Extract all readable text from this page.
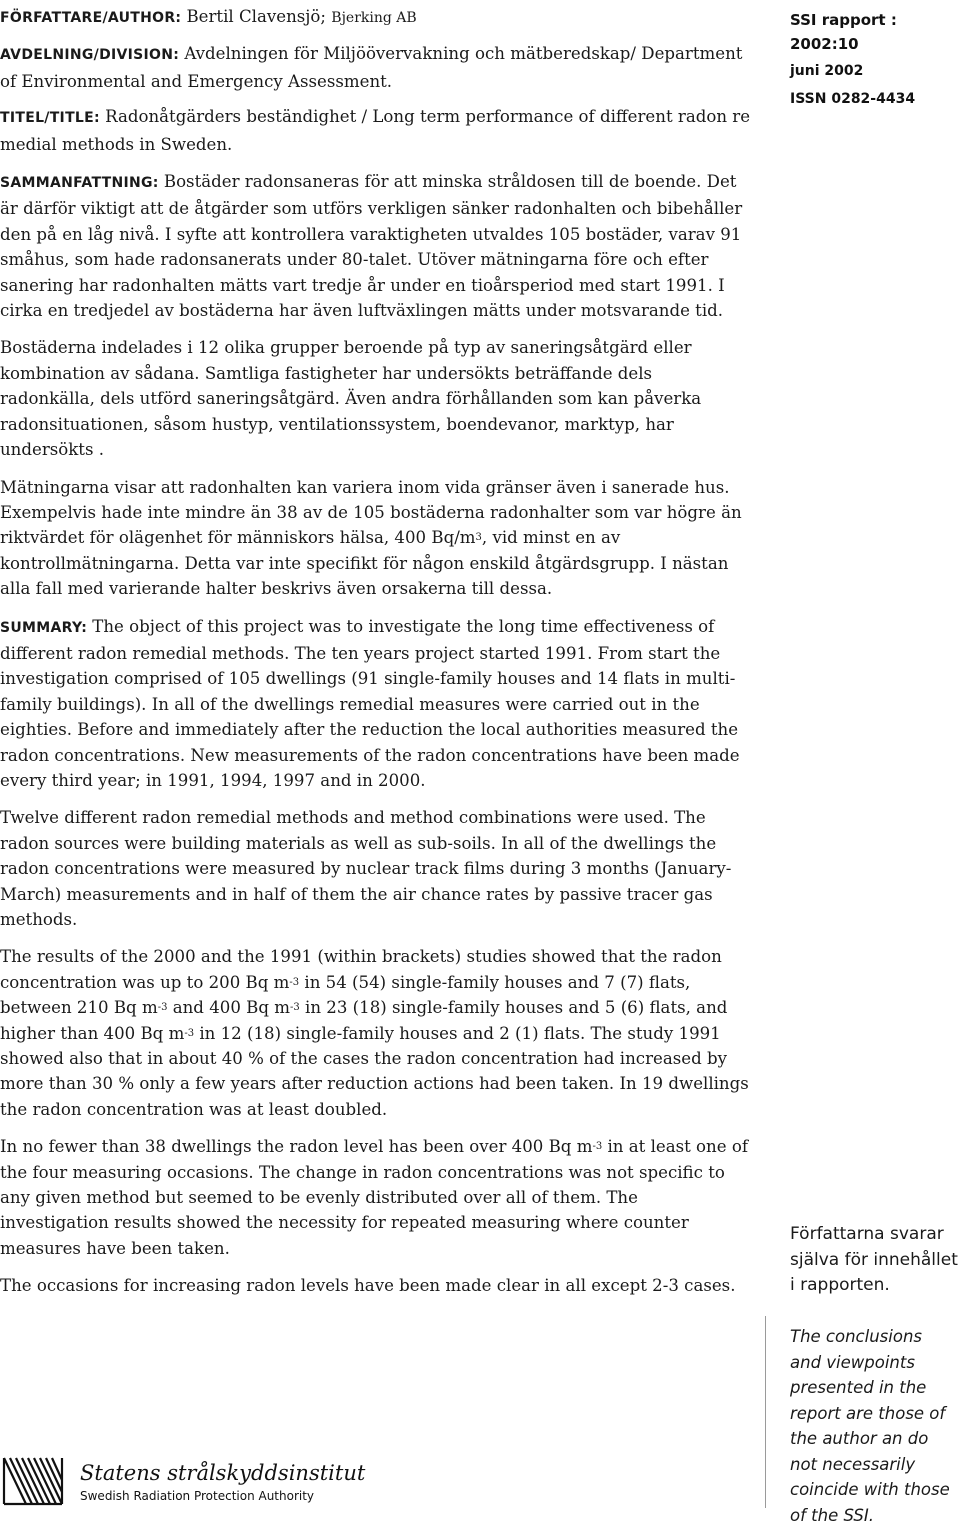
FÖRFATTARE/AUTHOR: Bertil Clavensjö; Bjerking AB

AVDELNING/DIVISION: Avdelningen för Miljöövervakning och mätberedskap/ Department of Environmental and Emergency Assessment.

TITEL/TITLE: Radonåtgärders beständighet / Long term performance of different radon re medial methods in Sweden.

SAMMANFATTNING: Bostäder radonsaneras för att minska stråldosen till de boende. Det är därför viktigt att de åtgärder som utförs verkligen sänker radonhalten och bibehåller den på en låg nivå. I syfte att kontrollera varaktigheten utvaldes 105 bostäder, varav 91 småhus, som hade radonsanerats under 80-talet. Utöver mätningarna före och efter sanering har radonhalten mätts vart tredje år under en tioårsperiod med start 1991. I cirka en tredjedel av bostäderna har även luftväxlingen mätts under motsvarande tid.

Bostäderna indelades i 12 olika grupper beroende på typ av saneringsåtgärd eller kombination av sådana. Samtliga fastigheter har undersökts beträffande dels radonkälla, dels utförd saneringsåtgärd. Även andra förhållanden som kan påverka radonsituationen, såsom hustyp, ventilationssystem, boendevanor, marktyp, har undersökts .

Mätningarna visar att radonhalten kan variera inom vida gränser även i sanerade hus. Exempelvis hade inte mindre än 38 av de 105 bostäderna radonhalter som var högre än riktvärdet för olägenhet för människors hälsa, 400 $Bq/m^3$, vid minst en av kontrollmätningarna. Detta var inte specifikt för någon enskild åtgärdsgrupp. I nästan alla fall med varierande halter beskrivs även orsakerna till dessa.

SUMMARY: The object of this project was to investigate the long time effectiveness of different radon remedial methods. The ten years project started 1991. From start the investigation comprised of 105 dwellings (91 single-family houses and 14 flats in multi-family buildings). In all of the dwellings remedial measures were carried out in the eighties. Before and immediately after the reduction the local authorities measured the radon concentrations. New measurements of the radon concentrations have been made every third year; in 1991, 1994, 1997 and in 2000.

Twelve different radon remedial methods and method combinations were used. The radon sources were building materials as well as sub-soils. In all of the dwellings the radon concentrations were measured by nuclear track films during 3 months (January-March) measurements and in half of them the air chance rates by passive tracer gas methods.

The results of the 2000 and the 1991 (within brackets) studies showed that the radon concentration was up to 200 Bq $m^{-3}$ in 54 (54) single-family houses and 7 (7) flats, between 210 Bq $m^{-3}$ and 400 Bq $m^{-3}$ in 23 (18) single-family houses and 5 (6) flats, and higher than 400 Bq $m^{-3}$ in 12 (18) single-family houses and 2 (1) flats. The study 1991 showed also that in about 40 % of the cases the radon concentration had increased by more than 30 % only a few years after reduction actions had been taken. In 19 dwellings the radon concentration was at least doubled.

In no fewer than 38 dwellings the radon level has been over 400 Bq $m^{-3}$ in at least one of the four measuring occasions. The change in radon concentrations was not specific to any given method but seemed to be evenly distributed over all of them. The investigation results showed the necessity for repeated measuring where counter measures have been taken.

The occasions for increasing radon levels have been made clear in all except 2-3 cases.

SSI rapport : 2002:10
juni 2002
ISSN 0282-4434
Författarna svarar själva för innehållet i rapporten.
The conclusions and viewpoints presented in the report are those of the author an do not necessarily coincide with those of the SSI.
Statens strålskyddsinstitut
Swedish Radiation Protection Authority
